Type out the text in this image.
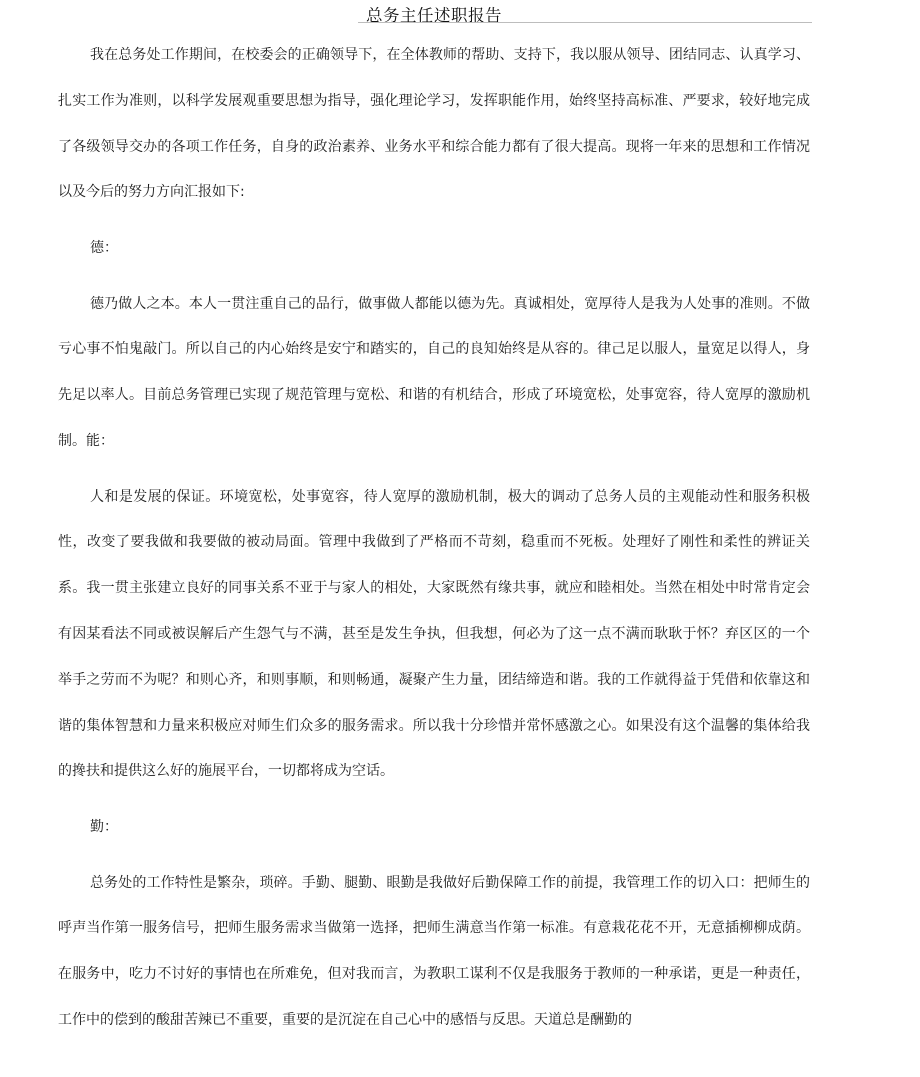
总务主任述职报告

我在总务处工作期间，在校委会的正确领导下，在全体教师的帮助、支持下，我以服从领导、团结同志、认真学习、扎实工作为准则，以科学发展观重要思想为指导，强化理论学习，发挥职能作用，始终坚持高标准、严要求，较好地完成了各级领导交办的各项工作任务，自身的政治素养、业务水平和综合能力都有了很大提高。现将一年来的思想和工作情况以及今后的努力方向汇报如下:

德：

德乃做人之本。本人一贯注重自己的品行，做事做人都能以德为先。真诚相处，宽厚待人是我为人处事的准则。不做亏心事不怕鬼敲门。所以自己的内心始终是安宁和踏实的，自己的良知始终是从容的。律己足以服人，量宽足以得人，身先足以率人。目前总务管理已实现了规范管理与宽松、和谐的有机结合，形成了环境宽松，处事宽容，待人宽厚的激励机制。能：

人和是发展的保证。环境宽松，处事宽容，待人宽厚的激励机制，极大的调动了总务人员的主观能动性和服务积极性，改变了要我做和我要做的被动局面。管理中我做到了严格而不苛刻，稳重而不死板。处理好了刚性和柔性的辨证关系。我一贯主张建立良好的同事关系不亚于与家人的相处，大家既然有缘共事，就应和睦相处。当然在相处中时常肯定会有因某看法不同或被误解后产生怨气与不满，甚至是发生争执，但我想，何必为了这一点不满而耿耿于怀？弃区区的一个举手之劳而不为呢？和则心齐，和则事顺，和则畅通，凝聚产生力量，团结缔造和谐。我的工作就得益于凭借和依靠这和谐的集体智慧和力量来积极应对师生们众多的服务需求。所以我十分珍惜并常怀感激之心。如果没有这个温馨的集体给我的搀扶和提供这么好的施展平台，一切都将成为空话。

勤：

总务处的工作特性是繁杂，琐碎。手勤、腿勤、眼勤是我做好后勤保障工作的前提，我管理工作的切入口：把师生的呼声当作第一服务信号，把师生服务需求当做第一选择，把师生满意当作第一标准。有意栽花花不开，无意插柳柳成荫。在服务中，吃力不讨好的事情也在所难免，但对我而言，为教职工谋利不仅是我服务于教师的一种承诺，更是一种责任，工作中的偿到的酸甜苦辣已不重要，重要的是沉淀在自己心中的感悟与反思。天道总是酬勤的
